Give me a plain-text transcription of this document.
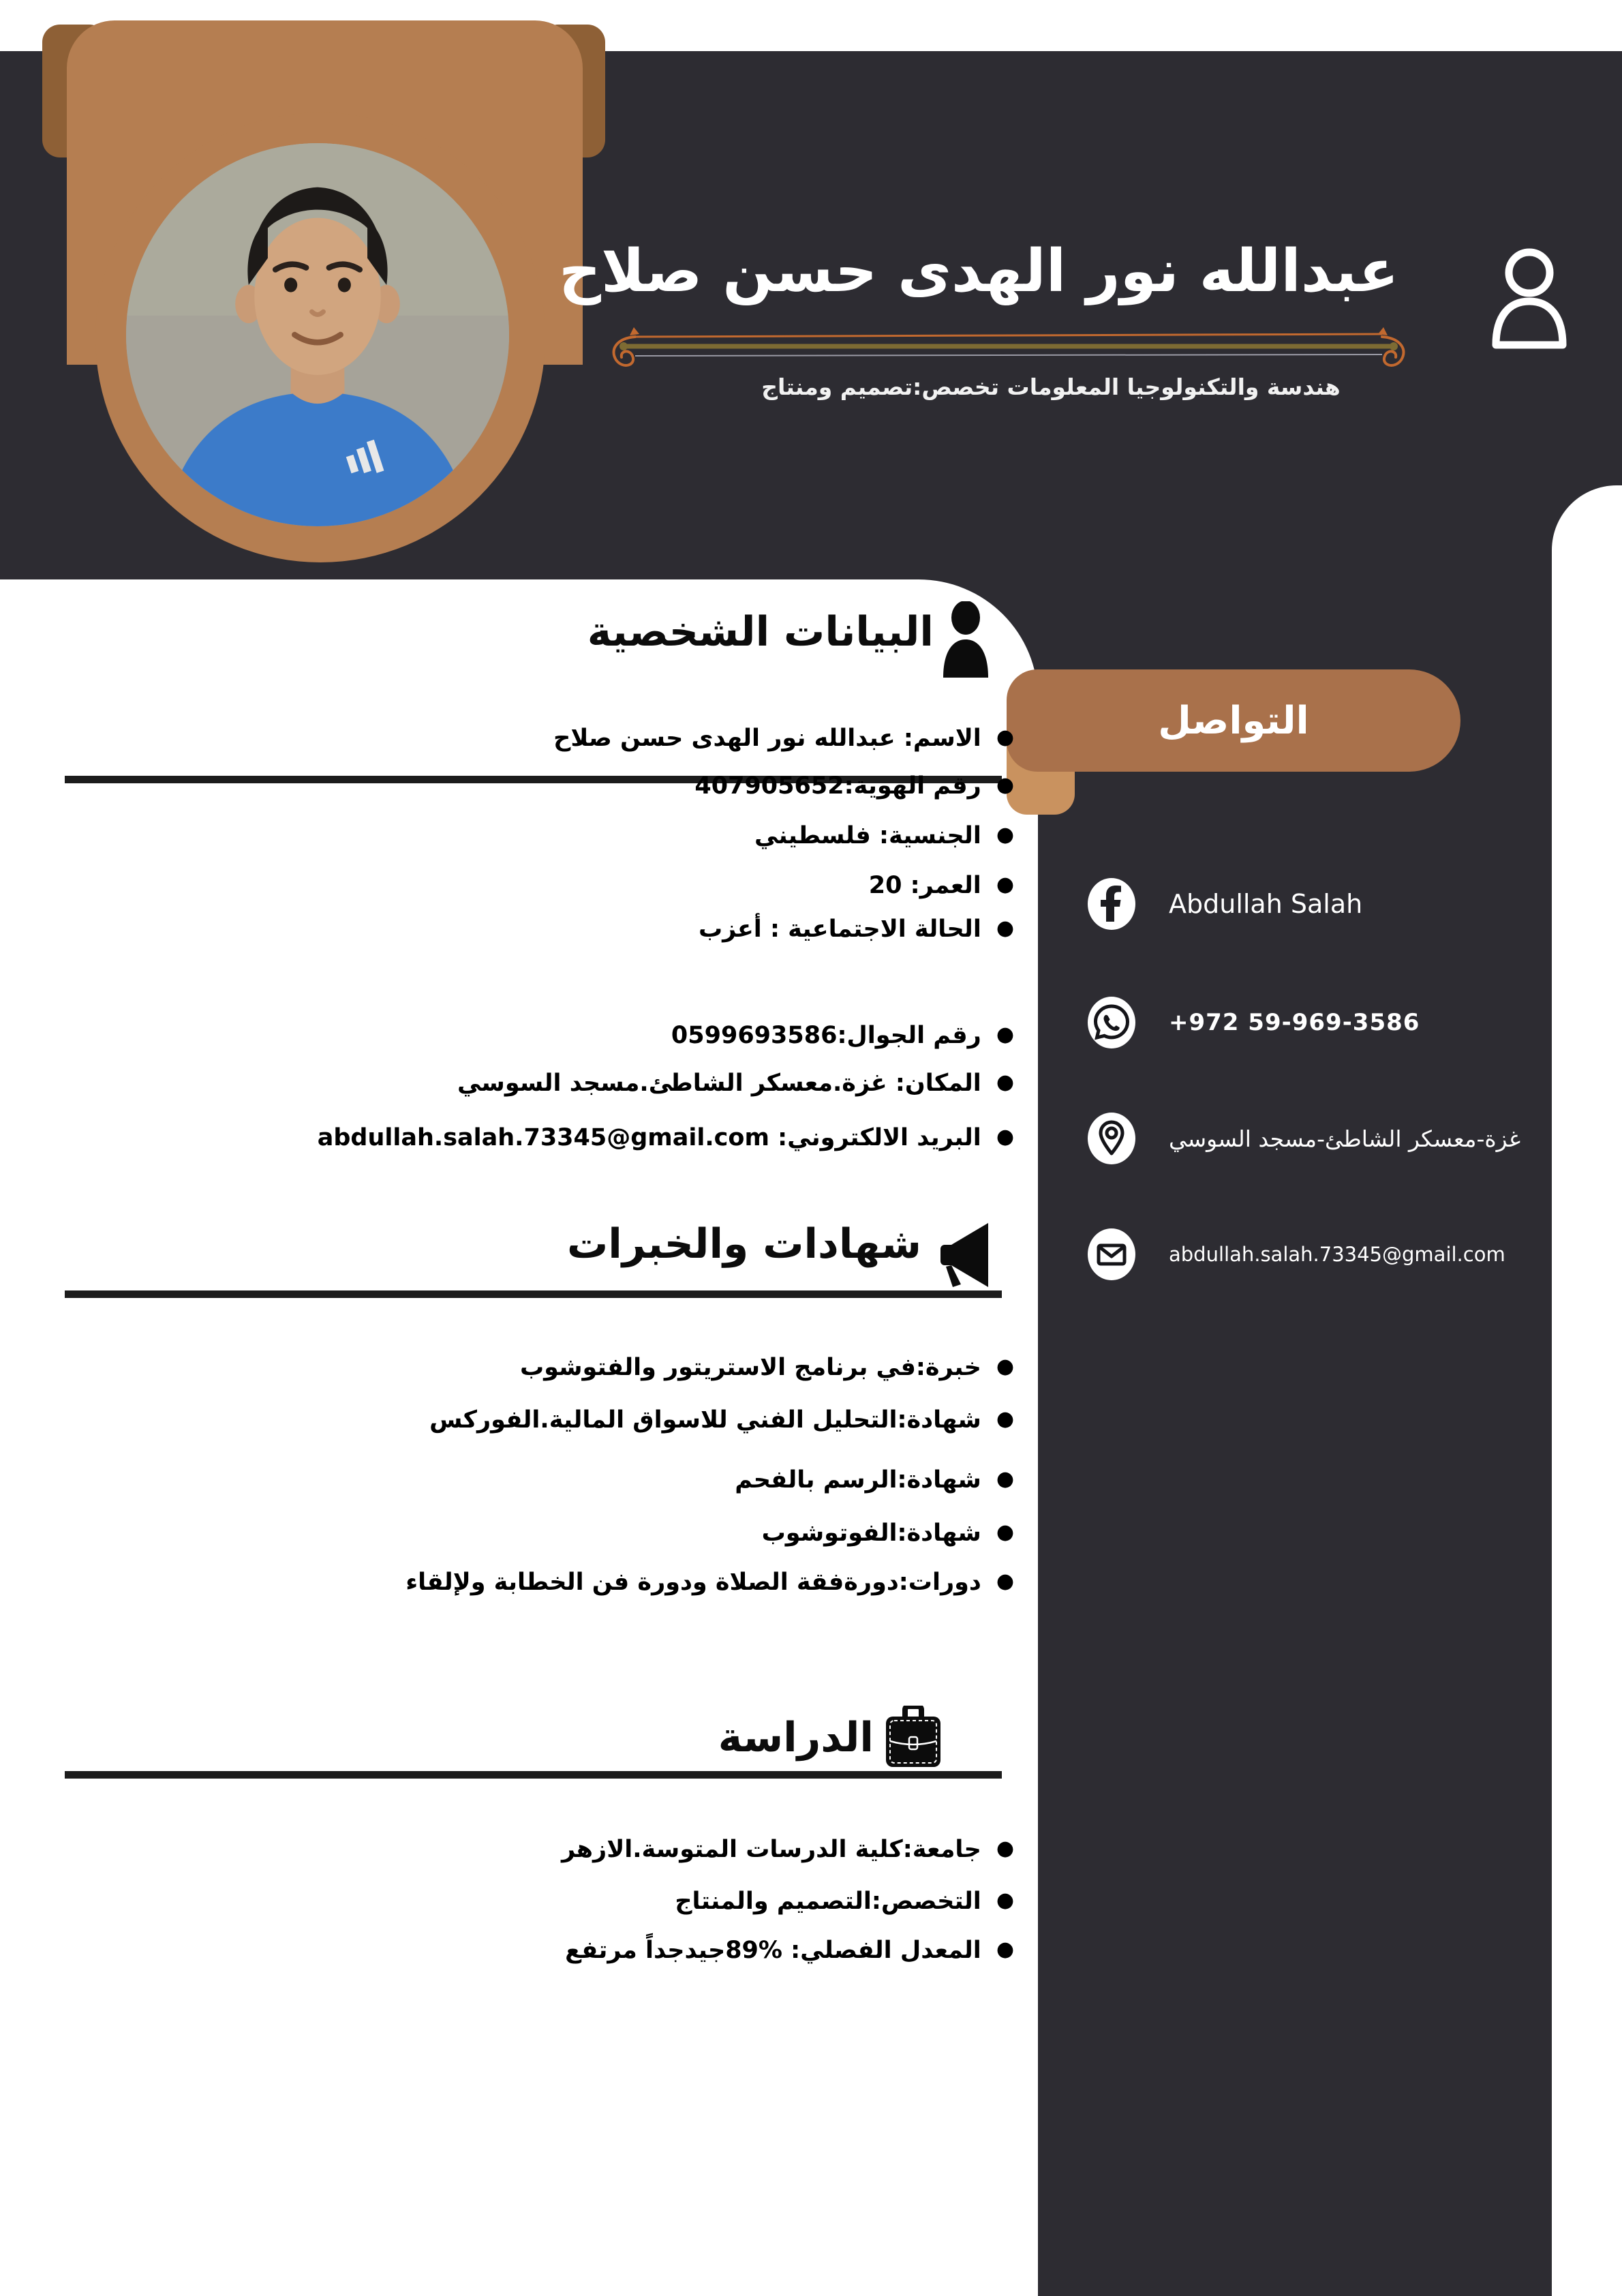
عبدالله نور الهدى حسن صلاح
هندسة والتكنولوجيا المعلومات تخصص:تصميم ومنتاج
التواصل
Abdullah Salah
+972 59-969-3586
غزة-معسكر الشاطئ-مسجد السوسي
abdullah.salah.73345@gmail.com
البيانات الشخصية
●الاسم: عبدالله نور الهدى حسن صلاح
●رقم الهوية:407905652
●الجنسية: فلسطيني
●العمر: 20
●الحالة الاجتماعية : أعزب
●رقم الجوال:0599693586
●المكان: غزة.معسكر الشاطئ.مسجد السوسي
●البريد الالكتروني: abdullah.salah.73345@gmail.com
شهادات والخبرات
●خبرة:في برنامج الاستريتور والفتوشوب
●شهادة:التحليل الفني للاسواق المالية.الفوركس
●شهادة:الرسم بالفحم
●شهادة:الفوتوشوب
●دورات:دورةفقة الصلاة ودورة فن الخطابة ولإلقاء
الدراسة
●جامعة:كلية الدرسات المتوسة.الازهر
●التخصص:التصميم والمنتاج
●المعدل الفصلي: %89جيدجداً مرتفع
